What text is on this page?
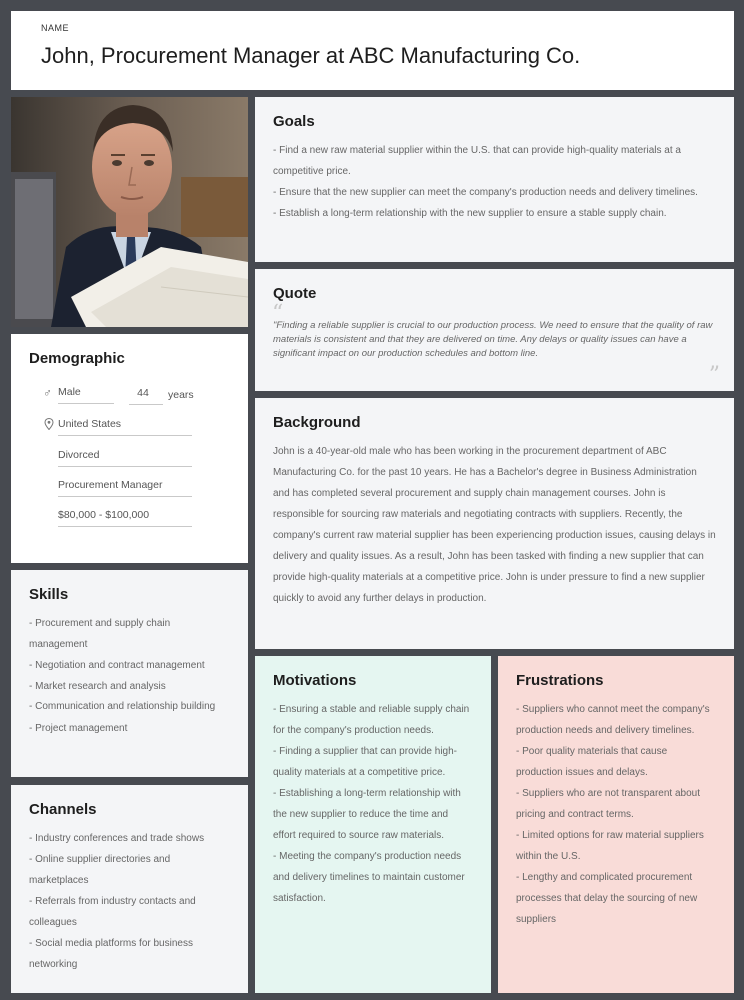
NAME
John, Procurement Manager at ABC Manufacturing Co.
Demographic
♂ Male	44	years
United States
Divorced
Procurement Manager
$80,000 - $100,000
Skills
- Procurement and supply chain management
- Negotiation and contract management
- Market research and analysis
- Communication and relationship building
- Project management
Channels
- Industry conferences and trade shows
- Online supplier directories and marketplaces
- Referrals from industry contacts and colleagues
- Social media platforms for business networking
Goals
- Find a new raw material supplier within the U.S. that can provide high-quality materials at a competitive price.
- Ensure that the new supplier can meet the company's production needs and delivery timelines.
- Establish a long-term relationship with the new supplier to ensure a stable supply chain.
Quote
“

"Finding a reliable supplier is crucial to our production process. We need to ensure that the quality of raw materials is consistent and that they are delivered on time. Any delays or quality issues can have a significant impact on our production schedules and bottom line.

”
Background

John is a 40-year-old male who has been working in the procurement department of ABC Manufacturing Co. for the past 10 years. He has a Bachelor's degree in Business Administration and has completed several procurement and supply chain management courses. John is responsible for sourcing raw materials and negotiating contracts with suppliers. Recently, the company's current raw material supplier has been experiencing production issues, causing delays in delivery and quality issues. As a result, John has been tasked with finding a new supplier that can provide high-quality materials at a competitive price. John is under pressure to find a new supplier quickly to avoid any further delays in production.

Motivations
- Ensuring a stable and reliable supply chain for the company's production needs.
- Finding a supplier that can provide high-quality materials at a competitive price.
- Establishing a long-term relationship with the new supplier to reduce the time and effort required to source raw materials.
- Meeting the company's production needs and delivery timelines to maintain customer satisfaction.
Frustrations
- Suppliers who cannot meet the company's production needs and delivery timelines.
- Poor quality materials that cause production issues and delays.
- Suppliers who are not transparent about pricing and contract terms.
- Limited options for raw material suppliers within the U.S.
- Lengthy and complicated procurement processes that delay the sourcing of new suppliers
